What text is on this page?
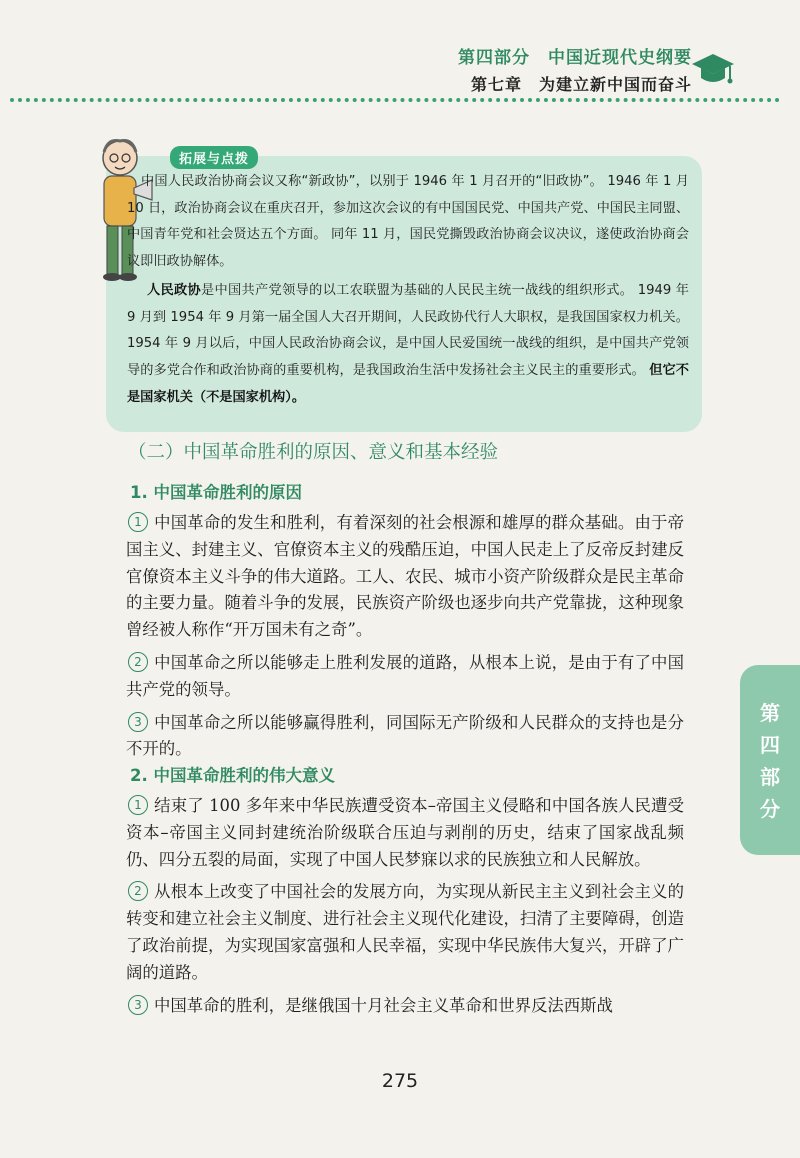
第四部分　中国近现代史纲要
第七章　为建立新中国而奋斗
拓展与点拨

中国人民政治协商会议又称“新政协”，以别于 1946 年 1 月召开的“旧政协”。 1946 年 1 月 10 日，政治协商会议在重庆召开，参加这次会议的有中国国民党、中国共产党、中国民主同盟、中国青年党和社会贤达五个方面。 同年 11 月，国民党撕毁政治协商会议决议，遂使政治协商会议即旧政协解体。

人民政协是中国共产党领导的以工农联盟为基础的人民民主统一战线的组织形式。 1949 年 9 月到 1954 年 9 月第一届全国人大召开期间，人民政协代行人大职权，是我国国家权力机关。 1954 年 9 月以后，中国人民政治协商会议，是中国人民爱国统一战线的组织，是中国共产党领导的多党合作和政治协商的重要机构，是我国政治生活中发扬社会主义民主的重要形式。 但它不是国家机关（不是国家机构）。

（二）中国革命胜利的原因、意义和基本经验
1. 中国革命胜利的原因

1 中国革命的发生和胜利，有着深刻的社会根源和雄厚的群众基础。由于帝国主义、封建主义、官僚资本主义的残酷压迫，中国人民走上了反帝反封建反官僚资本主义斗争的伟大道路。工人、农民、城市小资产阶级群众是民主革命的主要力量。随着斗争的发展，民族资产阶级也逐步向共产党靠拢，这种现象曾经被人称作“开万国未有之奇”。

2 中国革命之所以能够走上胜利发展的道路，从根本上说，是由于有了中国共产党的领导。

3 中国革命之所以能够赢得胜利，同国际无产阶级和人民群众的支持也是分不开的。

2. 中国革命胜利的伟大意义

1 结束了 100 多年来中华民族遭受资本–帝国主义侵略和中国各族人民遭受资本–帝国主义同封建统治阶级联合压迫与剥削的历史，结束了国家战乱频仍、四分五裂的局面，实现了中国人民梦寐以求的民族独立和人民解放。

2 从根本上改变了中国社会的发展方向，为实现从新民主主义到社会主义的转变和建立社会主义制度、进行社会主义现代化建设，扫清了主要障碍，创造了政治前提，为实现国家富强和人民幸福，实现中华民族伟大复兴，开辟了广阔的道路。

3 中国革命的胜利，是继俄国十月社会主义革命和世界反法西斯战

第四部分
275
